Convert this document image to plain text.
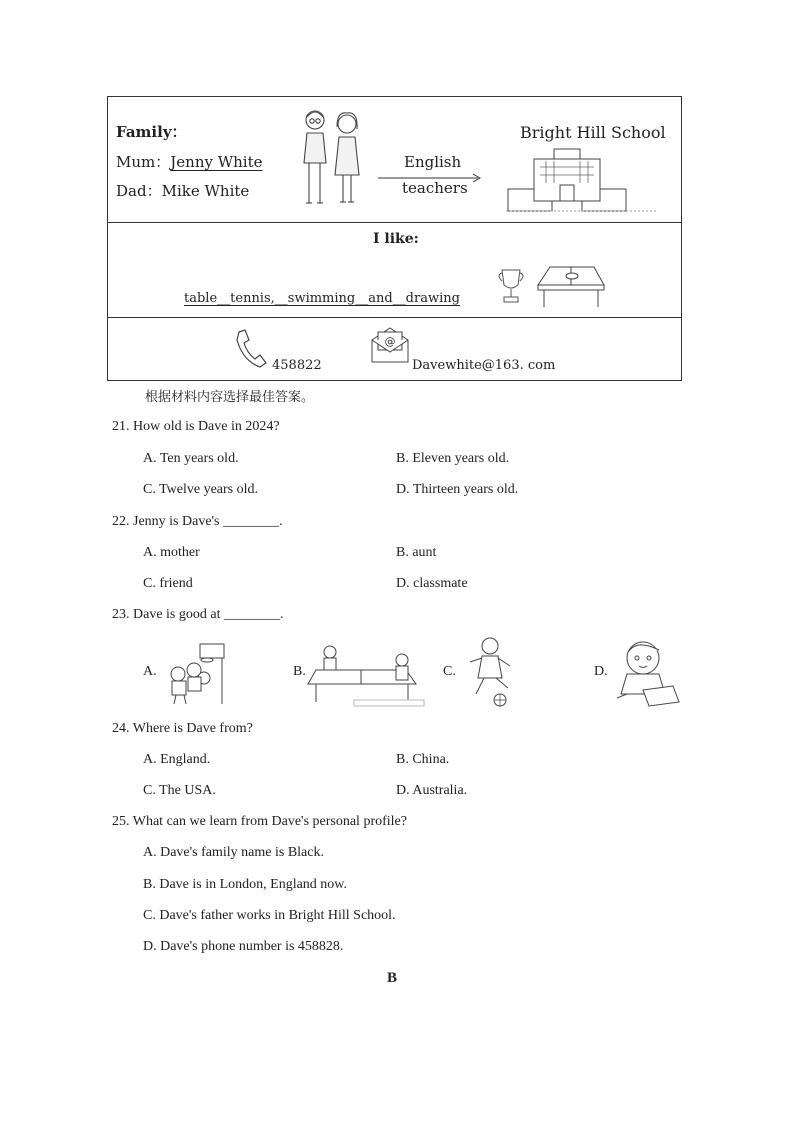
Family：
Mum：Jenny White
Dad：Mike White
English
teachers
Bright Hill School
I like:
table__tennis,__swimming__and__drawing
458822
@
Davewhite@163. com
根据材料内容选择最佳答案。
21. How old is Dave in 2024?
A. Ten years old.	B. Eleven years old.
C. Twelve years old.	D. Thirteen years old.
22. Jenny is Dave's ________.
A. mother	B. aunt
C. friend	D. classmate
23. Dave is good at ________.
A.	B.	C.	D.
24. Where is Dave from?
A. England.	B. China.
C. The USA.	D. Australia.
25. What can we learn from Dave's personal profile?
A. Dave's family name is Black.
B. Dave is in London, England now.
C. Dave's father works in Bright Hill School.
D. Dave's phone number is 458828.
B
